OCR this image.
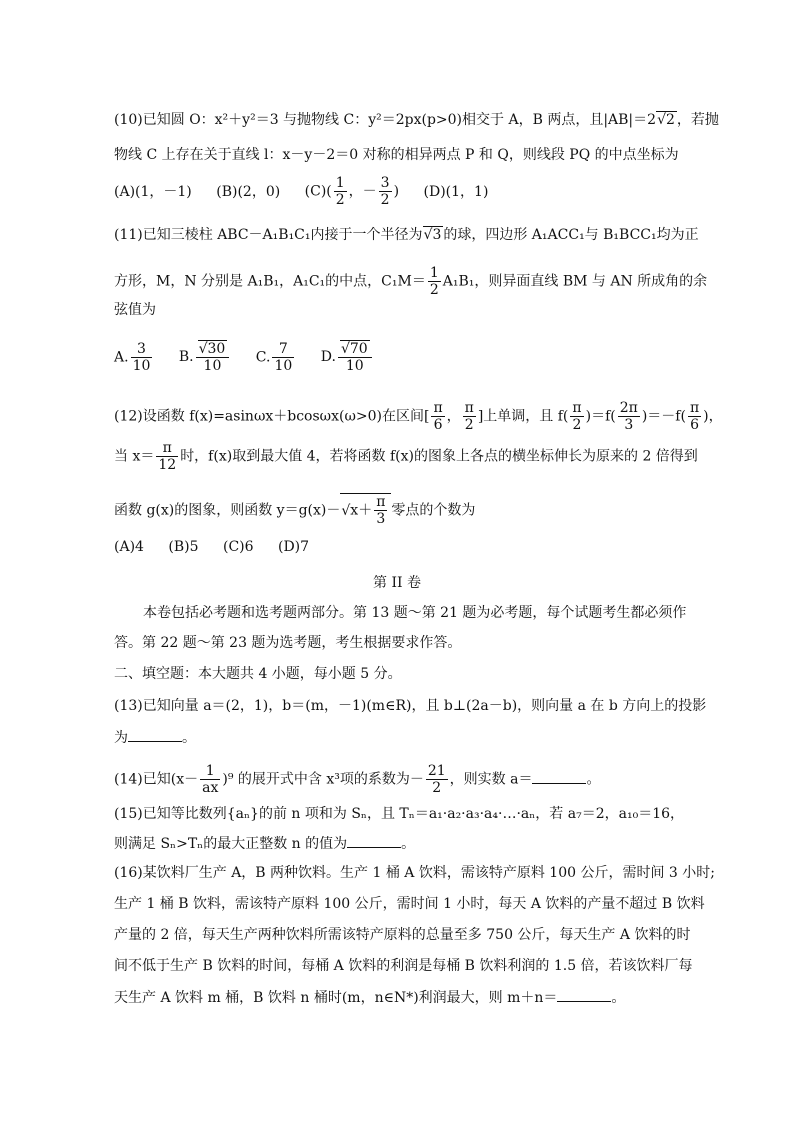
(10)已知圆 O：x²＋y²＝3 与抛物线 C：y²＝2px(p>0)相交于 A，B 两点，且|AB|＝2 √ 2 ，若抛
物线 C 上存在关于直线 l：x－y－2＝0 对称的相异两点 P 和 Q，则线段 PQ 的中点坐标为
(A)(1，－1) (B)(2，0) $(C)( \frac{1}{2}$ ，－ $\frac{3}{2}$ ) (D)(1，1)
(11)已知三棱柱 ABC－A₁B₁C₁内接于一个半径为 √ 3 的球，四边形 A₁ACC₁与 B₁BCC₁均为正
方形，M，N 分别是 A₁B₁，A₁C₁的中点，$C_1M= \frac{1}{2} A_1B_1$，则异面直线 BM 与 AN 所成角的余
弦值为
A. $\frac{3}{10} B$. √ $\frac{30}{10} C$. $\frac{7}{10} D$. √ $\frac{70}{10}$
(12)设函数 f(x)=asinωx＋bcosωx(ω>0)在区间[ $\frac{\pi}{6}$ ， $\frac{\pi}{2}$ ]上单调，且 $f( \frac{\pi}{2} )=f( \frac{2\pi}{3} )=-f( \frac{\pi}{6}$ )，
当 $x= \frac{\pi}{12}$ 时，f(x)取到最大值 4，若将函数 f(x)的图象上各点的横坐标伸长为原来的 2 倍得到
函数 g(x)的图象，则函数 y＝g(x)－ √ $x+ \frac{\pi}{3}$ 零点的个数为
(A)4 (B)5 (C)6 (D)7
第 II 卷
本卷包括必考题和选考题两部分。第 13 题～第 21 题为必考题，每个试题考生都必须作
答。第 22 题～第 23 题为选考题，考生根据要求作答。
二、填空题：本大题共 4 小题，每小题 5 分。
(13)已知向量 a＝(2，1)，b＝(m，－1)(m∈R)，且 b⊥(2a－b)，则向量 a 在 b 方向上的投影
为	。
(14)已知$(x- \frac{1}{ax} )^9$ 的展开式中含 x³项的系数为－ $\frac{21}{2}$ ，则实数 a＝	。
(15)已知等比数列{aₙ}的前 n 项和为 Sₙ，且 Tₙ＝a₁·a₂·a₃·a₄·…·aₙ，若 a₇＝2，a₁₀＝16，
则满足 Sₙ>Tₙ的最大正整数 n 的值为	。
(16)某饮料厂生产 A，B 两种饮料。生产 1 桶 A 饮料，需该特产原料 100 公斤，需时间 3 小时;
生产 1 桶 B 饮料，需该特产原料 100 公斤，需时间 1 小时，每天 A 饮料的产量不超过 B 饮料
产量的 2 倍，每天生产两种饮料所需该特产原料的总量至多 750 公斤，每天生产 A 饮料的时
间不低于生产 B 饮料的时间，每桶 A 饮料的利润是每桶 B 饮料利润的 1.5 倍，若该饮料厂每
天生产 A 饮料 m 桶，B 饮料 n 桶时(m，n∈N*)利润最大，则 m＋n＝	。
